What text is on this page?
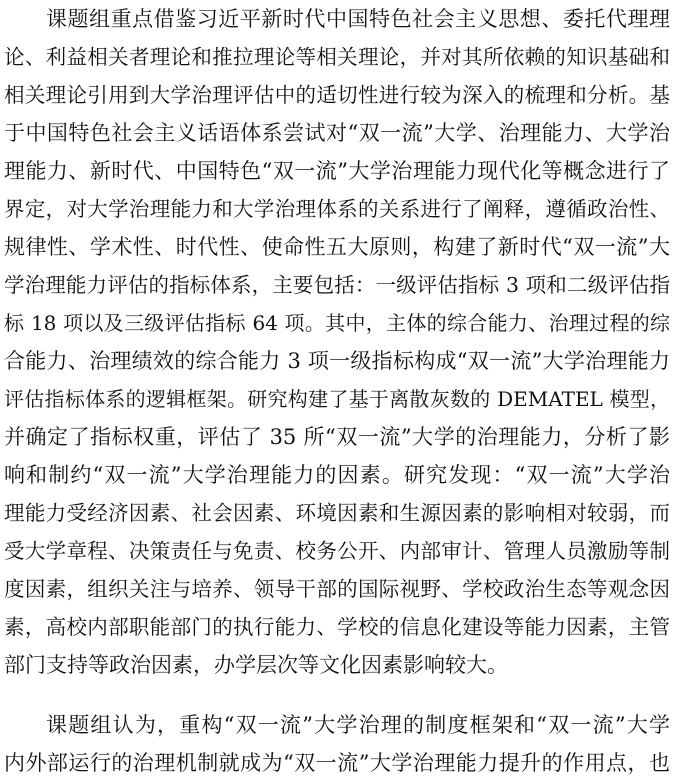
课题组重点借鉴习近平新时代中国特色社会主义思想、委托代理理
论、利益相关者理论和推拉理论等相关理论，并对其所依赖的知识基础和
相关理论引用到大学治理评估中的适切性进行较为深入的梳理和分析。基
于中国特色社会主义话语体系尝试对“双一流”大学、治理能力、大学治
理能力、新时代、中国特色“双一流”大学治理能力现代化等概念进行了
界定，对大学治理能力和大学治理体系的关系进行了阐释，遵循政治性、
规律性、学术性、时代性、使命性五大原则，构建了新时代“双一流”大
学治理能力评估的指标体系，主要包括：一级评估指标 3 项和二级评估指
标 18 项以及三级评估指标 64 项。其中，主体的综合能力、治理过程的综
合能力、治理绩效的综合能力 3 项一级指标构成“双一流”大学治理能力
评估指标体系的逻辑框架。研究构建了基于离散灰数的 DEMATEL 模型，
并确定了指标权重，评估了 35 所“双一流”大学的治理能力，分析了影
响和制约“双一流”大学治理能力的因素。研究发现：“双一流”大学治
理能力受经济因素、社会因素、环境因素和生源因素的影响相对较弱，而
受大学章程、决策责任与免责、校务公开、内部审计、管理人员激励等制
度因素，组织关注与培养、领导干部的国际视野、学校政治生态等观念因
素，高校内部职能部门的执行能力、学校的信息化建设等能力因素，主管
部门支持等政治因素，办学层次等文化因素影响较大。
课题组认为，重构“双一流”大学治理的制度框架和“双一流”大学
内外部运行的治理机制就成为“双一流”大学治理能力提升的作用点，也
